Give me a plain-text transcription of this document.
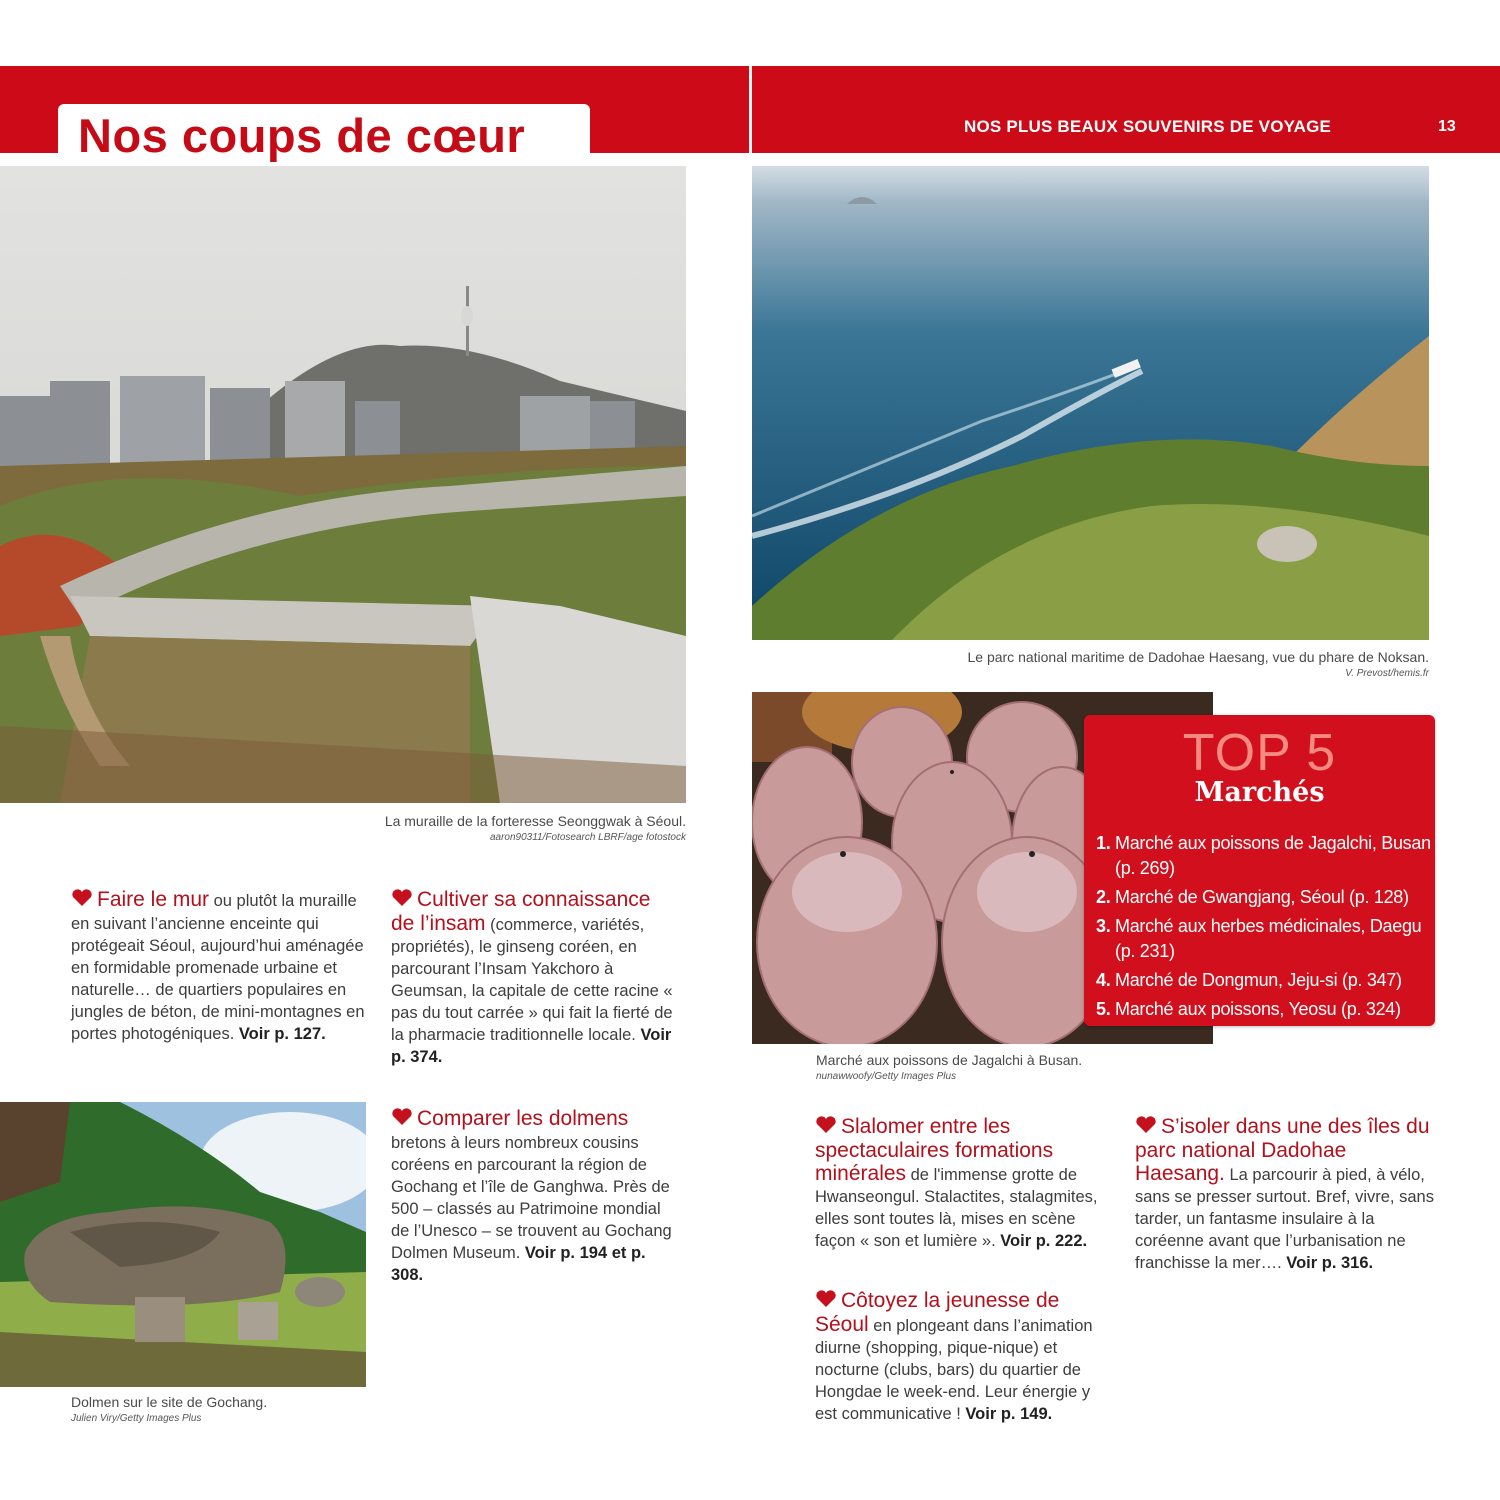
Nos coups de cœur	NOS PLUS BEAUX SOUVENIRS DE VOYAGE	13
La muraille de la forteresse Seonggwak à Séoul.
aaron90311/Fotosearch LBRF/age fotostock
Le parc national maritime de Dadohae Haesang, vue du phare de Noksan.
V. Prevost/hemis.fr
Marché aux poissons de Jagalchi à Busan.
nunawwoofy/Getty Images Plus
TOP 5
Marchés
1. Marché aux poissons de Jagalchi, Busan (p. 269)
2. Marché de Gwangjang, Séoul (p. 128)
3. Marché aux herbes médicinales, Daegu (p. 231)
4. Marché de Dongmun, Jeju-si (p. 347)
5. Marché aux poissons, Yeosu (p. 324)
Dolmen sur le site de Gochang.
Julien Viry/Getty Images Plus
Faire le mur ou plutôt la muraille en suivant l’ancienne enceinte qui protégeait Séoul, aujourd’hui aménagée en formidable promenade urbaine et naturelle… de quartiers populaires en jungles de béton, de mini-montagnes en portes photogéniques. Voir p. 127.
Cultiver sa connaissance de l’insam (commerce, variétés, propriétés), le ginseng coréen, en parcourant l’Insam Yakchoro à Geumsan, la capitale de cette racine « pas du tout carrée » qui fait la fierté de la pharmacie traditionnelle locale. Voir p. 374.
Comparer les dolmens bretons à leurs nombreux cousins coréens en parcourant la région de Gochang et l’île de Ganghwa. Près de 500 – classés au Patrimoine mondial de l’Unesco – se trouvent au Gochang Dolmen Museum. Voir p. 194 et p. 308.
Slalomer entre les spectaculaires formations minérales de l'immense grotte de Hwanseongul. Stalactites, stalagmites, elles sont toutes là, mises en scène façon « son et lumière ». Voir p. 222.
Côtoyez la jeunesse de Séoul en plongeant dans l’animation diurne (shopping, pique-nique) et nocturne (clubs, bars) du quartier de Hongdae le week-end. Leur énergie y est communicative ! Voir p. 149.
S’isoler dans une des îles du parc national Dadohae Haesang. La parcourir à pied, à vélo, sans se presser surtout. Bref, vivre, sans tarder, un fantasme insulaire à la coréenne avant que l’urbanisation ne franchisse la mer…. Voir p. 316.
